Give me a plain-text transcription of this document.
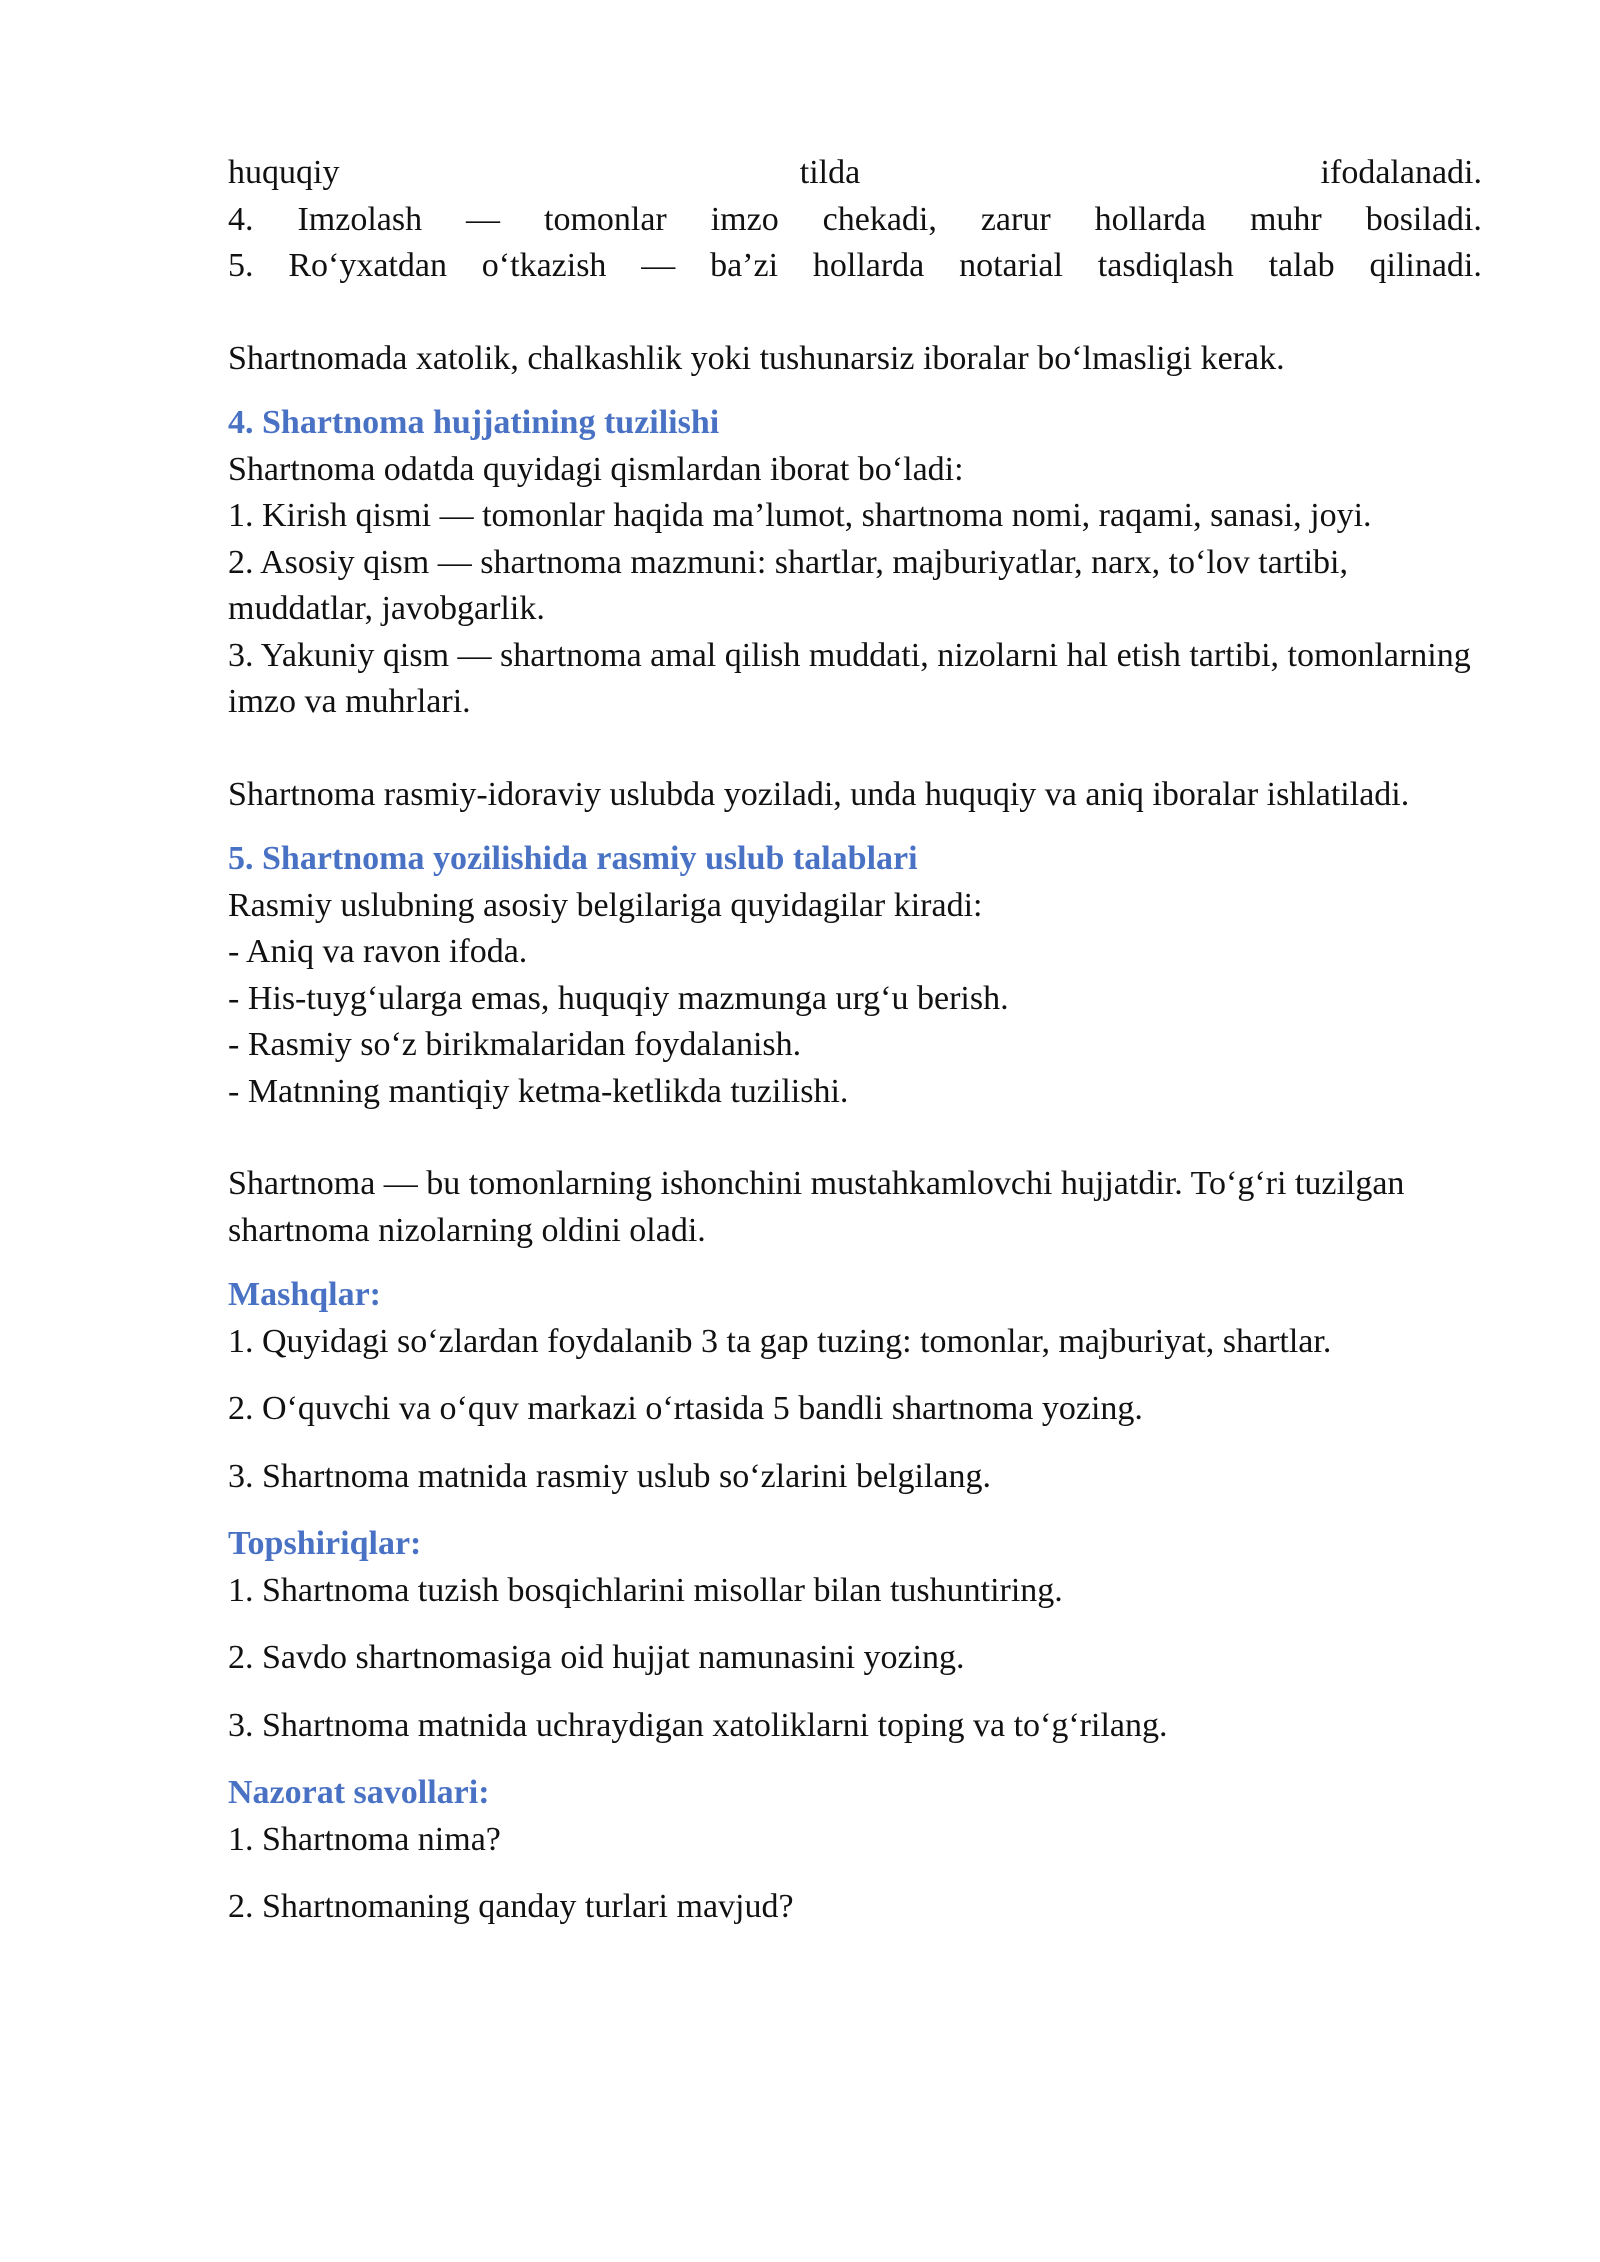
huquqiy	tilda	ifodalanadi.
4. Imzolash — tomonlar imzo chekadi, zarur hollarda muhr bosiladi.
5. Ro‘yxatdan o‘tkazish — ba’zi hollarda notarial tasdiqlash talab qilinadi.

Shartnomada xatolik, chalkashlik yoki tushunarsiz iboralar bo‘lmasligi kerak.

4. Shartnoma hujjatining tuzilishi

Shartnoma odatda quyidagi qismlardan iborat bo‘ladi:

1. Kirish qismi — tomonlar haqida ma’lumot, shartnoma nomi, raqami, sanasi, joyi.

2. Asosiy qism — shartnoma mazmuni: shartlar, majburiyatlar, narx, to‘lov tartibi, muddatlar, javobgarlik.

3. Yakuniy qism — shartnoma amal qilish muddati, nizolarni hal etish tartibi, tomonlarning imzo va muhrlari.

Shartnoma rasmiy-idoraviy uslubda yoziladi, unda huquqiy va aniq iboralar ishlatiladi.

5. Shartnoma yozilishida rasmiy uslub talablari

Rasmiy uslubning asosiy belgilariga quyidagilar kiradi:

- Aniq va ravon ifoda.

- His-tuyg‘ularga emas, huquqiy mazmunga urg‘u berish.

- Rasmiy so‘z birikmalaridan foydalanish.

- Matnning mantiqiy ketma-ketlikda tuzilishi.

Shartnoma — bu tomonlarning ishonchini mustahkamlovchi hujjatdir. To‘g‘ri tuzilgan shartnoma nizolarning oldini oladi.

Mashqlar:

1. Quyidagi so‘zlardan foydalanib 3 ta gap tuzing: tomonlar, majburiyat, shartlar.

2. O‘quvchi va o‘quv markazi o‘rtasida 5 bandli shartnoma yozing.

3. Shartnoma matnida rasmiy uslub so‘zlarini belgilang.

Topshiriqlar:

1. Shartnoma tuzish bosqichlarini misollar bilan tushuntiring.

2. Savdo shartnomasiga oid hujjat namunasini yozing.

3. Shartnoma matnida uchraydigan xatoliklarni toping va to‘g‘rilang.

Nazorat savollari:

1. Shartnoma nima?

2. Shartnomaning qanday turlari mavjud?
